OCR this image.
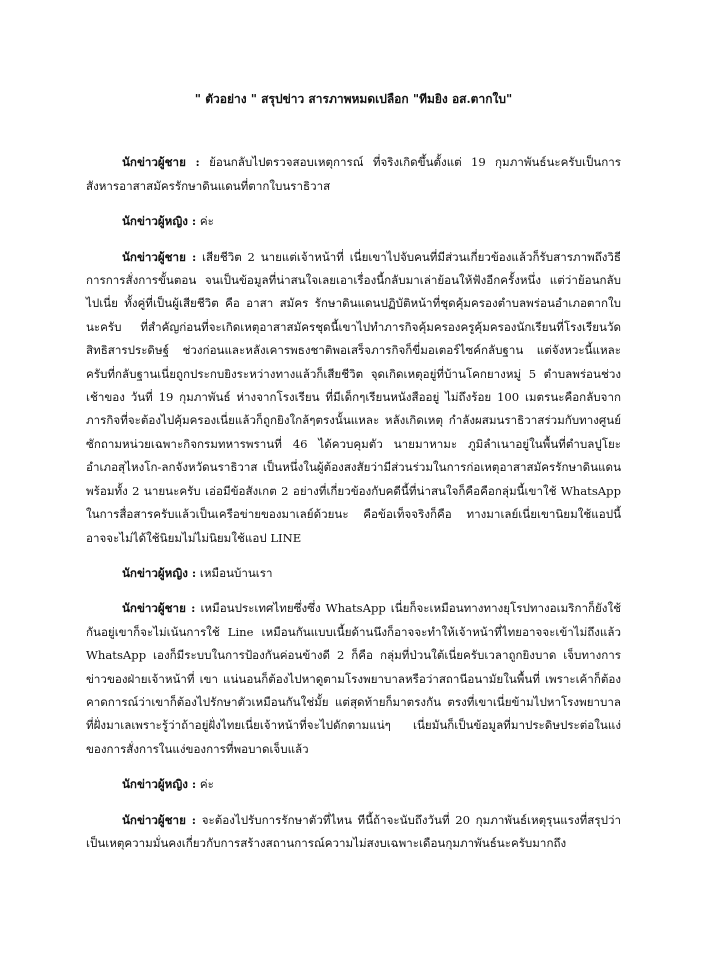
" ตัวอย่าง " สรุปข่าว สารภาพหมดเปลือก "ทีมยิง อส.ตากใบ"

นักข่าวผู้ชาย : ย้อนกลับไปตรวจสอบเหตุการณ์ ที่จริงเกิดขึ้นตั้งแต่ 19 กุมภาพันธ์นะครับเป็นการสังหารอาสาสมัครรักษาดินแดนที่ตากใบนราธิวาส

นักข่าวผู้หญิง : ค่ะ

นักข่าวผู้ชาย : เสียชีวิต 2 นายแต่เจ้าหน้าที่ เนี่ยเขาไปจับคนที่มีส่วนเกี่ยวข้องแล้วก็รับสารภาพถึงวิธีการการสั่งการขั้นตอน จนเป็นข้อมูลที่น่าสนใจเลยเอาเรื่องนี้กลับมาเล่าย้อนให้ฟังอีกครั้งหนึ่ง แต่ว่าย้อนกลับไปเนี่ย ทั้งคู่ที่เป็นผู้เสียชีวิต คือ อาสา สมัคร รักษาดินแดนปฏิบัติหน้าที่ชุดคุ้มครองตำบลพร่อนอำเภอตากใบนะครับ ที่สำคัญก่อนที่จะเกิดเหตุอาสาสมัครชุดนี้เขาไปทำภารกิจคุ้มครองครูคุ้มครองนักเรียนที่โรงเรียนวัดสิทธิสารประดิษฐ์ ช่วงก่อนและหลังเคารพธงชาติพอเสร็จภารกิจก็ขี่มอเตอร์ไซค์กลับฐาน แต่จังหวะนี้แหละครับที่กลับฐานเนี่ยถูกประกบยิงระหว่างทางแล้วก็เสียชีวิต จุดเกิดเหตุอยู่ที่บ้านโคกยางหมู่ 5 ตำบลพร่อนช่วงเช้าของ วันที่ 19 กุมภาพันธ์ ห่างจากโรงเรียน ที่มีเด็กๆเรียนหนังสืออยู่ ไม่ถึงร้อย 100 เมตรนะคือกลับจากภารกิจที่จะต้องไปคุ้มครองเนี่ยแล้วก็ถูกยิงใกล้ๆตรงนั้นแหละ หลังเกิดเหตุ กำลังผสมนราธิวาสร่วมกับทางศูนย์ซักถามหน่วยเฉพาะกิจกรมทหารพรานที่ 46 ได้ควบคุมตัว นายมาหามะ ภูมิลำเนาอยู่ในพื้นที่ตำบลปูโยะอำเภอสุไหงโก-ลกจังหวัดนราธิวาส เป็นหนึ่งในผู้ต้องสงสัยว่ามีส่วนร่วมในการก่อเหตุอาสาสมัครรักษาดินแดนพร้อมทั้ง 2 นายนะครับ เอ่อมีข้อสังเกต 2 อย่างที่เกี่ยวข้องกับคดีนี้ที่น่าสนใจก็คือคือกลุ่มนี้เขาใช้ WhatsApp ในการสื่อสารครับแล้วเป็นเครือข่ายของมาเลย์ด้วยนะ คือข้อเท็จจริงก็คือ ทางมาเลย์เนี่ยเขานิยมใช้แอปนี้ อาจจะไม่ได้ใช้นิยมไม่ไม่นิยมใช้แอป LINE

นักข่าวผู้หญิง : เหมือนบ้านเรา

นักข่าวผู้ชาย : เหมือนประเทศไทยซึ่งซึ่ง WhatsApp เนี่ยก็จะเหมือนทางทางยุโรปทางอเมริกาก็ยังใช้กันอยู่เขาก็จะไม่เน้นการใช้ Line เหมือนกันแบบเนี้ยด้านนึงก็อาจจะทำให้เจ้าหน้าที่ไทยอาจจะเข้าไม่ถึงแล้ว WhatsApp เองก็มีระบบในการป้องกันค่อนข้างดี 2 ก็คือ กลุ่มที่ป่วนใต้เนี่ยครับเวลาถูกยิงบาด เจ็บทางการข่าวของฝ่ายเจ้าหน้าที่ เขา แน่นอนก็ต้องไปหาดูตามโรงพยาบาลหรือว่าสถานีอนามัยในพื้นที่ เพราะเค้าก็ต้องคาดการณ์ว่าเขาก็ต้องไปรักษาตัวเหมือนกันใช่มั้ย แต่สุดท้ายก็มาตรงกัน ตรงที่เขาเนี่ยข้ามไปหาโรงพยาบาลที่ฝั่งมาเลเพราะรู้ว่าถ้าอยู่ฝั่งไทยเนี่ยเจ้าหน้าที่จะไปดักตามแน่ๆ เนี่ยมันก็เป็นข้อมูลที่มาประดิษประต่อในแง่ของการสั่งการในแง่ของการที่พอบาดเจ็บแล้ว

นักข่าวผู้หญิง : ค่ะ

นักข่าวผู้ชาย : จะต้องไปรับการรักษาตัวที่ไหน ทีนี้ถ้าจะนับถึงวันที่ 20 กุมภาพันธ์เหตุรุนแรงที่สรุปว่าเป็นเหตุความมั่นคงเกี่ยวกับการสร้างสถานการณ์ความไม่สงบเฉพาะเดือนกุมภาพันธ์นะครับมากถึง
